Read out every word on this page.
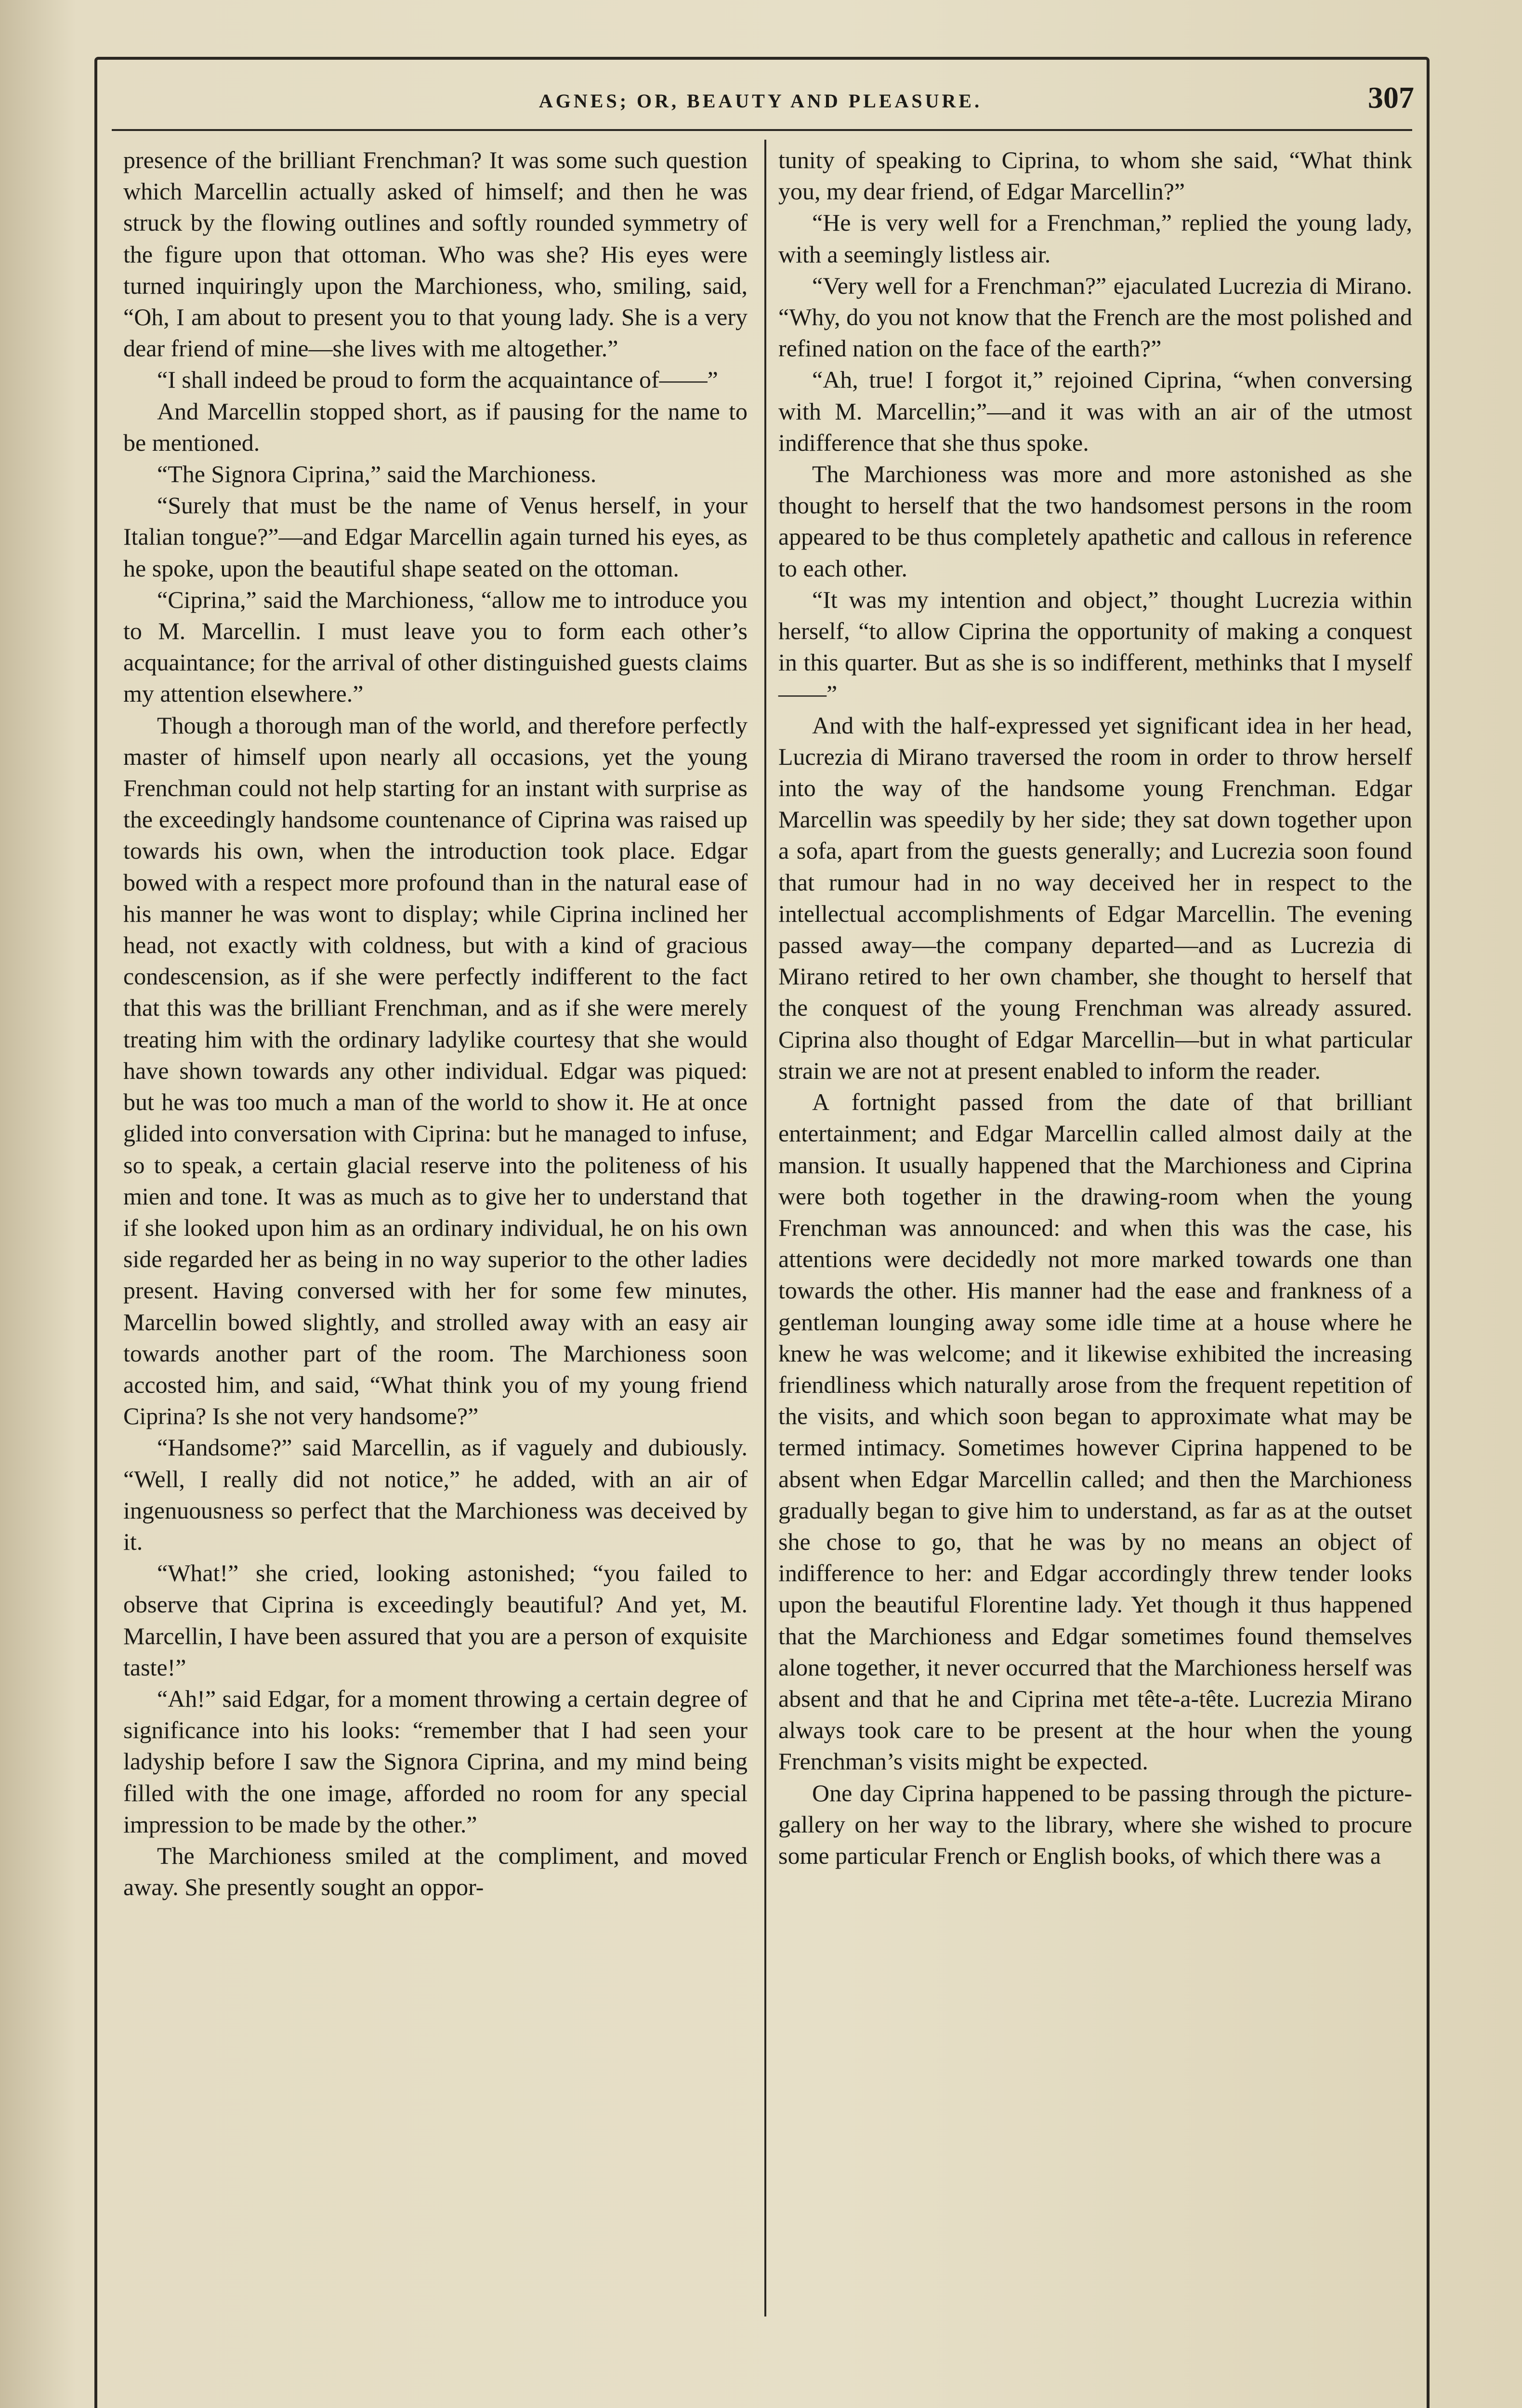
AGNES; OR, BEAUTY AND PLEASURE.	307

presence of the brilliant Frenchman? It was some such question which Marcellin actually asked of himself; and then he was struck by the flowing outlines and softly rounded symmetry of the figure upon that ottoman. Who was she? His eyes were turned inquiringly upon the Marchioness, who, smiling, said, “Oh, I am about to present you to that young lady. She is a very dear friend of mine—she lives with me altogether.”

“I shall indeed be proud to form the acquaintance of——”

And Marcellin stopped short, as if pausing for the name to be mentioned.

“The Signora Ciprina,” said the Marchioness.

“Surely that must be the name of Venus herself, in your Italian tongue?”—and Edgar Marcellin again turned his eyes, as he spoke, upon the beautiful shape seated on the ottoman.

“Ciprina,” said the Marchioness, “allow me to introduce you to M. Marcellin. I must leave you to form each other’s acquaintance; for the arrival of other distinguished guests claims my attention elsewhere.”

Though a thorough man of the world, and therefore perfectly master of himself upon nearly all occasions, yet the young Frenchman could not help starting for an instant with surprise as the exceedingly handsome countenance of Ciprina was raised up towards his own, when the introduction took place. Edgar bowed with a respect more profound than in the natural ease of his manner he was wont to display; while Ciprina inclined her head, not exactly with coldness, but with a kind of gracious condescension, as if she were perfectly indifferent to the fact that this was the brilliant Frenchman, and as if she were merely treating him with the ordinary ladylike courtesy that she would have shown towards any other individual. Edgar was piqued: but he was too much a man of the world to show it. He at once glided into conversation with Ciprina: but he managed to infuse, so to speak, a certain glacial reserve into the politeness of his mien and tone. It was as much as to give her to understand that if she looked upon him as an ordinary individual, he on his own side regarded her as being in no way superior to the other ladies present. Having conversed with her for some few minutes, Marcellin bowed slightly, and strolled away with an easy air towards another part of the room. The Marchioness soon accosted him, and said, “What think you of my young friend Ciprina? Is she not very handsome?”

“Handsome?” said Marcellin, as if vaguely and dubiously. “Well, I really did not notice,” he added, with an air of ingenuousness so perfect that the Marchioness was deceived by it.

“What!” she cried, looking astonished; “you failed to observe that Ciprina is exceedingly beautiful? And yet, M. Marcellin, I have been assured that you are a person of exquisite taste!”

“Ah!” said Edgar, for a moment throwing a certain degree of significance into his looks: “remember that I had seen your ladyship before I saw the Signora Ciprina, and my mind being filled with the one image, afforded no room for any special impression to be made by the other.”

The Marchioness smiled at the compliment, and moved away. She presently sought an oppor-

tunity of speaking to Ciprina, to whom she said, “What think you, my dear friend, of Edgar Marcellin?”

“He is very well for a Frenchman,” replied the young lady, with a seemingly listless air.

“Very well for a Frenchman?” ejaculated Lucrezia di Mirano. “Why, do you not know that the French are the most polished and refined nation on the face of the earth?”

“Ah, true! I forgot it,” rejoined Ciprina, “when conversing with M. Marcellin;”—and it was with an air of the utmost indifference that she thus spoke.

The Marchioness was more and more astonished as she thought to herself that the two handsomest persons in the room appeared to be thus completely apathetic and callous in reference to each other.

“It was my intention and object,” thought Lucrezia within herself, “to allow Ciprina the opportunity of making a conquest in this quarter. But as she is so indifferent, methinks that I myself——”

And with the half-expressed yet significant idea in her head, Lucrezia di Mirano traversed the room in order to throw herself into the way of the handsome young Frenchman. Edgar Marcellin was speedily by her side; they sat down together upon a sofa, apart from the guests generally; and Lucrezia soon found that rumour had in no way deceived her in respect to the intellectual accomplishments of Edgar Marcellin. The evening passed away—the company departed—and as Lucrezia di Mirano retired to her own chamber, she thought to herself that the conquest of the young Frenchman was already assured. Ciprina also thought of Edgar Marcellin—but in what particular strain we are not at present enabled to inform the reader.

A fortnight passed from the date of that brilliant entertainment; and Edgar Marcellin called almost daily at the mansion. It usually happened that the Marchioness and Ciprina were both together in the drawing-room when the young Frenchman was announced: and when this was the case, his attentions were decidedly not more marked towards one than towards the other. His manner had the ease and frankness of a gentleman lounging away some idle time at a house where he knew he was welcome; and it likewise exhibited the increasing friendliness which naturally arose from the frequent repetition of the visits, and which soon began to approximate what may be termed intimacy. Sometimes however Ciprina happened to be absent when Edgar Marcellin called; and then the Marchioness gradually began to give him to understand, as far as at the outset she chose to go, that he was by no means an object of indifference to her: and Edgar accordingly threw tender looks upon the beautiful Florentine lady. Yet though it thus happened that the Marchioness and Edgar sometimes found themselves alone together, it never occurred that the Marchioness herself was absent and that he and Ciprina met tête-a-tête. Lucrezia Mirano always took care to be present at the hour when the young Frenchman’s visits might be expected.

One day Ciprina happened to be passing through the picture-gallery on her way to the library, where she wished to procure some particular French or English books, of which there was a
